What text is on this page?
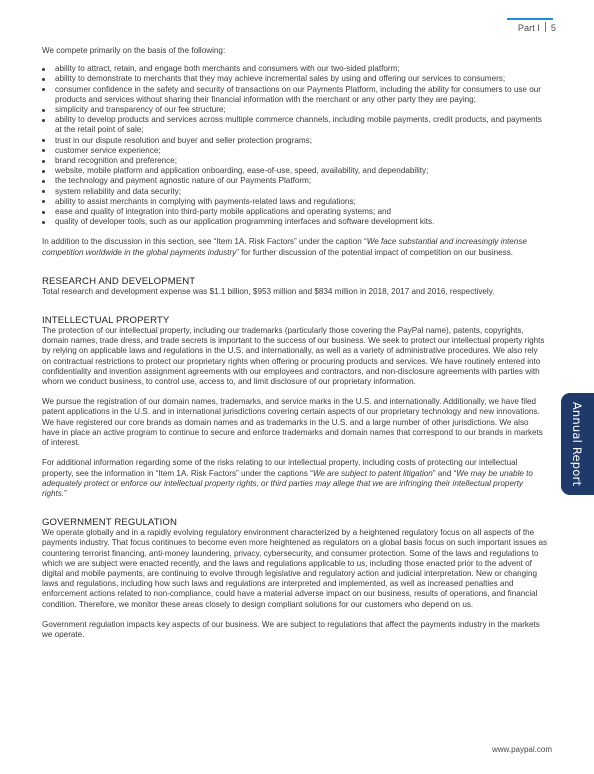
Part I 5

We compete primarily on the basis of the following:

ability to attract, retain, and engage both merchants and consumers with our two-sided platform;
ability to demonstrate to merchants that they may achieve incremental sales by using and offering our services to consumers;
consumer confidence in the safety and security of transactions on our Payments Platform, including the ability for consumers to use our products and services without sharing their financial information with the merchant or any other party they are paying;
simplicity and transparency of our fee structure;
ability to develop products and services across multiple commerce channels, including mobile payments, credit products, and payments at the retail point of sale;
trust in our dispute resolution and buyer and seller protection programs;
customer service experience;
brand recognition and preference;
website, mobile platform and application onboarding, ease-of-use, speed, availability, and dependability;
the technology and payment agnostic nature of our Payments Platform;
system reliability and data security;
ability to assist merchants in complying with payments-related laws and regulations;
ease and quality of integration into third-party mobile applications and operating systems; and
quality of developer tools, such as our application programming interfaces and software development kits.

In addition to the discussion in this section, see “Item 1A. Risk Factors” under the caption “We face substantial and increasingly intense competition worldwide in the global payments industry” for further discussion of the potential impact of competition on our business.

RESEARCH AND DEVELOPMENT

Total research and development expense was $1.1 billion, $953 million and $834 million in 2018, 2017 and 2016, respectively.

INTELLECTUAL PROPERTY

The protection of our intellectual property, including our trademarks (particularly those covering the PayPal name), patents, copyrights, domain names, trade dress, and trade secrets is important to the success of our business. We seek to protect our intellectual property rights by relying on applicable laws and regulations in the U.S. and internationally, as well as a variety of administrative procedures. We also rely on contractual restrictions to protect our proprietary rights when offering or procuring products and services. We have routinely entered into confidentiality and invention assignment agreements with our employees and contractors, and non-disclosure agreements with parties with whom we conduct business, to control use, access to, and limit disclosure of our proprietary information.

We pursue the registration of our domain names, trademarks, and service marks in the U.S. and internationally. Additionally, we have filed patent applications in the U.S. and in international jurisdictions covering certain aspects of our proprietary technology and new innovations. We have registered our core brands as domain names and as trademarks in the U.S. and a large number of other jurisdictions. We also have in place an active program to continue to secure and enforce trademarks and domain names that correspond to our brands in markets of interest.

For additional information regarding some of the risks relating to our intellectual property, including costs of protecting our intellectual property, see the information in “Item 1A. Risk Factors” under the captions “We are subject to patent litigation” and “We may be unable to adequately protect or enforce our intellectual property rights, or third parties may allege that we are infringing their intellectual property rights.”

GOVERNMENT REGULATION

We operate globally and in a rapidly evolving regulatory environment characterized by a heightened regulatory focus on all aspects of the payments industry. That focus continues to become even more heightened as regulators on a global basis focus on such important issues as countering terrorist financing, anti-money laundering, privacy, cybersecurity, and consumer protection. Some of the laws and regulations to which we are subject were enacted recently, and the laws and regulations applicable to us, including those enacted prior to the advent of digital and mobile payments, are continuing to evolve through legislative and regulatory action and judicial interpretation. New or changing laws and regulations, including how such laws and regulations are interpreted and implemented, as well as increased penalties and enforcement actions related to non-compliance, could have a material adverse impact on our business, results of operations, and financial condition. Therefore, we monitor these areas closely to design compliant solutions for our customers who depend on us.

Government regulation impacts key aspects of our business. We are subject to regulations that affect the payments industry in the markets we operate.

Annual Report
www.paypal.com
